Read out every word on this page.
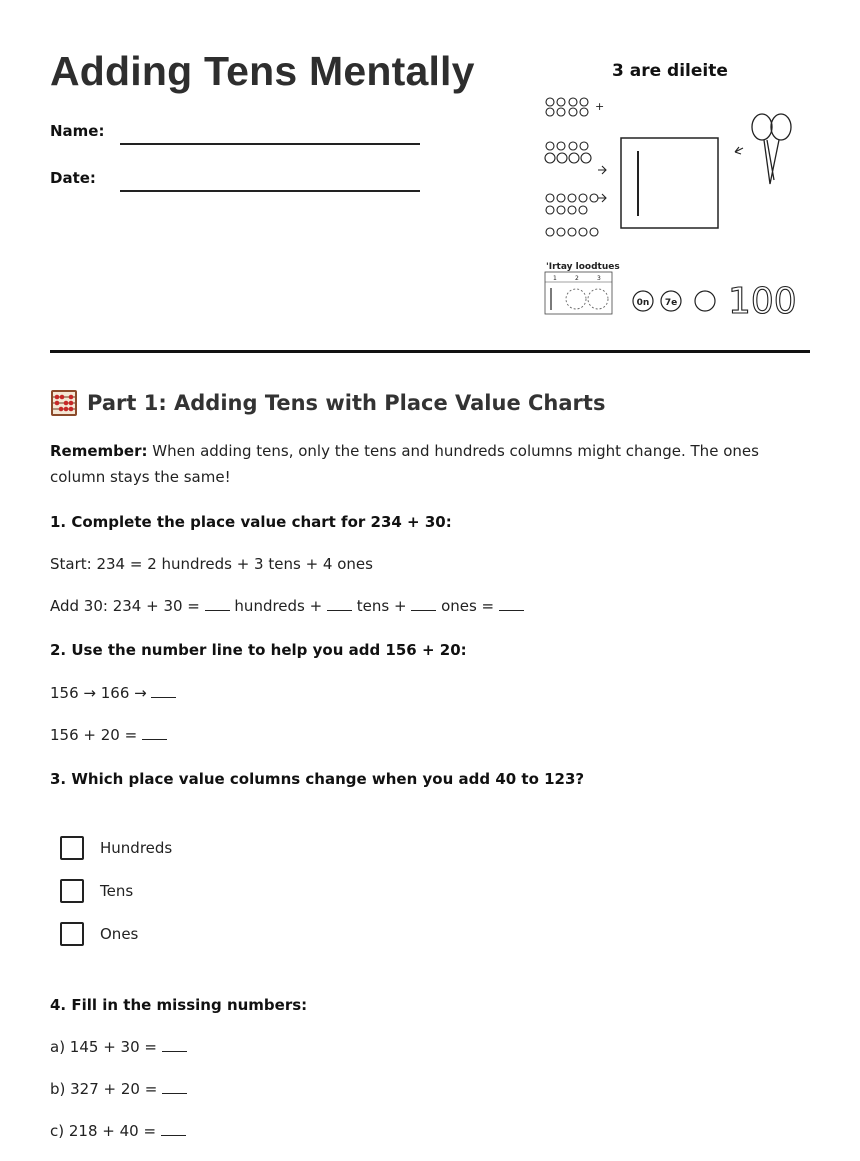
Adding Tens Mentally
Name:
Date:
3 are dileite
+
'Irtay loodtues
1	2	3
0n 7e 100
Part 1: Adding Tens with Place Value Charts
Remember: When adding tens, only the tens and hundreds columns might change. The ones column stays the same!
1. Complete the place value chart for 234 + 30:
Start: 234 = 2 hundreds + 3 tens + 4 ones
Add 30: 234 + 30 =  hundreds +  tens +  ones =
2. Use the number line to help you add 156 + 20:
156 → 166 →
156 + 20 =
3. Which place value columns change when you add 40 to 123?
Hundreds
Tens
Ones
4. Fill in the missing numbers:
a) 145 + 30 =
b) 327 + 20 =
c) 218 + 40 =
